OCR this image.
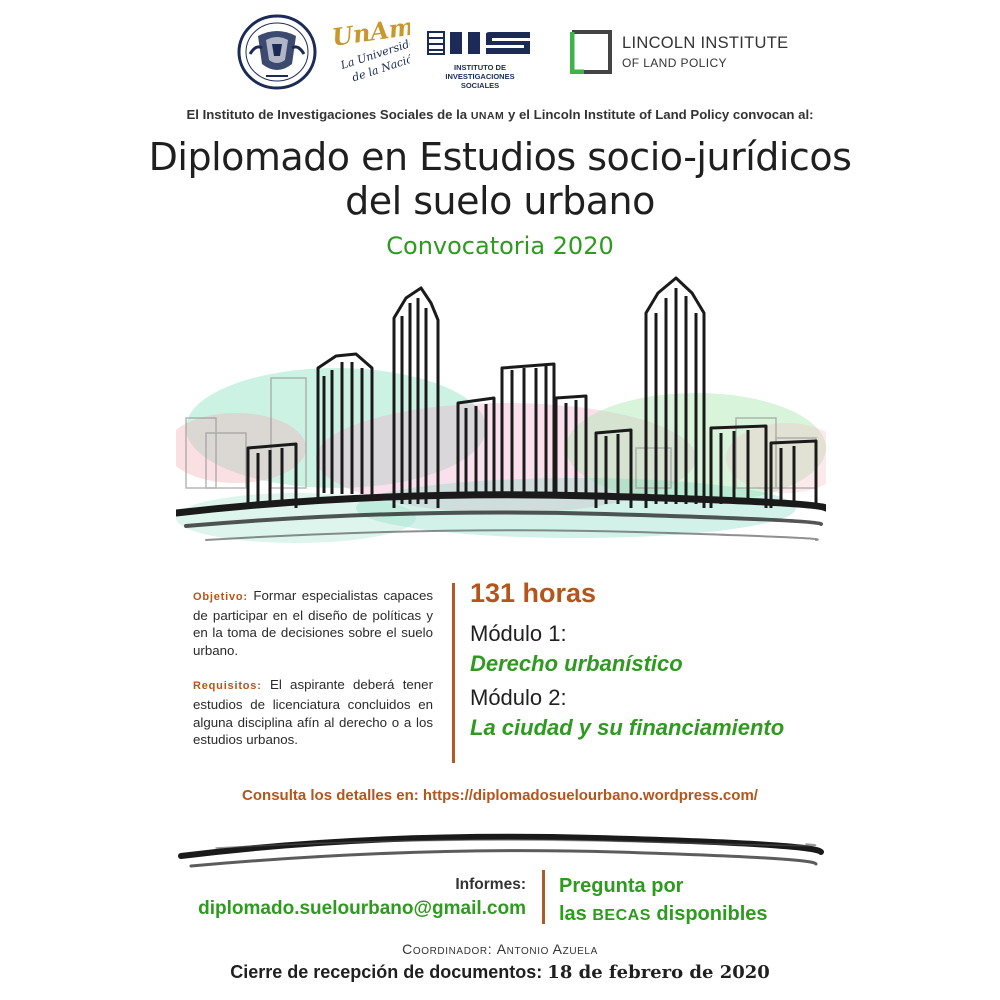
UnAm
La Universidad
de la Nación	INSTITUTO DE INVESTIGACIONES
SOCIALES
LINCOLN INSTITUTE
OF LAND POLICY
El Instituto de Investigaciones Sociales de la UNAM y el Lincoln Institute of Land Policy convocan al:
Diplomado en Estudios socio-jurídicos
del suelo urbano
Convocatoria 2020

Objetivo: Formar especialistas capaces de participar en el diseño de políticas y en la toma de decisiones sobre el suelo urbano.

Requisitos: El aspirante deberá tener estudios de licenciatura concluidos en alguna disciplina afín al derecho o a los estudios urbanos.

131 horas
Módulo 1:
Derecho urbanístico
Módulo 2:
La ciudad y su financiamiento
Consulta los detalles en: https://diplomadosuelourbano.wordpress.com/
Informes:
diplomado.suelourbano@gmail.com
Pregunta por
las BECAS disponibles
Coordinador: Antonio Azuela
Cierre de recepción de documentos: 18 de febrero de 2020
